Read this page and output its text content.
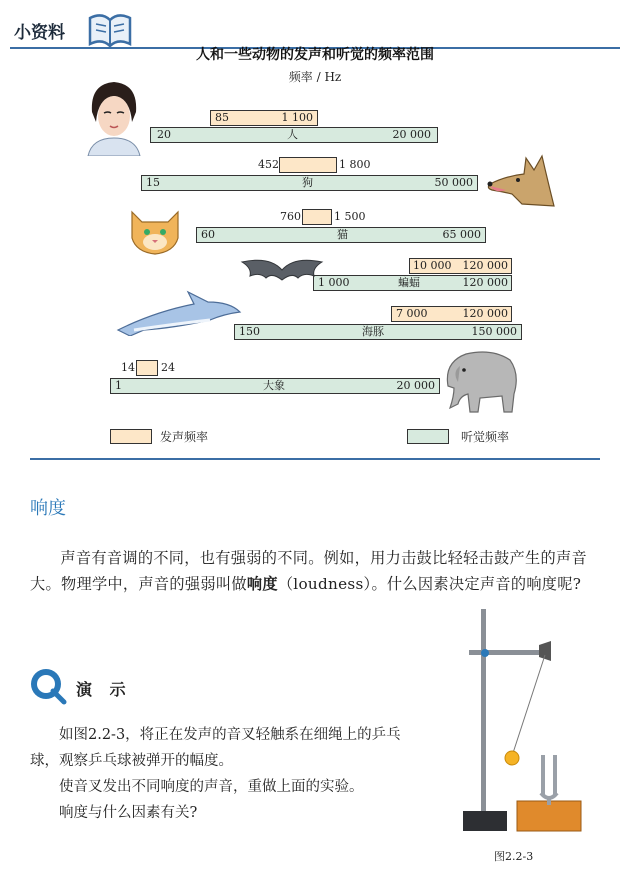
小资料
人和一些动物的发声和听觉的频率范围
频率 / Hz
85	1 100
20	人	20 000
452	1 800
15	狗	50 000
760	1 500
60	猫	65 000
10 000 120 000
1 000	蝙蝠	120 000
7 000	120 000
150	海豚	150 000
14 24
1	大象	20 000
发声频率	听觉频率
响度
声音有音调的不同，也有强弱的不同。例如，用力击鼓比轻轻击鼓产生的声音大。物理学中，声音的强弱叫做响度（loudness）。什么因素决定声音的响度呢?
演 示

如图2.2-3，将正在发声的音叉轻触系在细绳上的乒乓球，观察乒乓球被弹开的幅度。

使音叉发出不同响度的声音，重做上面的实验。

响度与什么因素有关?

图2.2-3
